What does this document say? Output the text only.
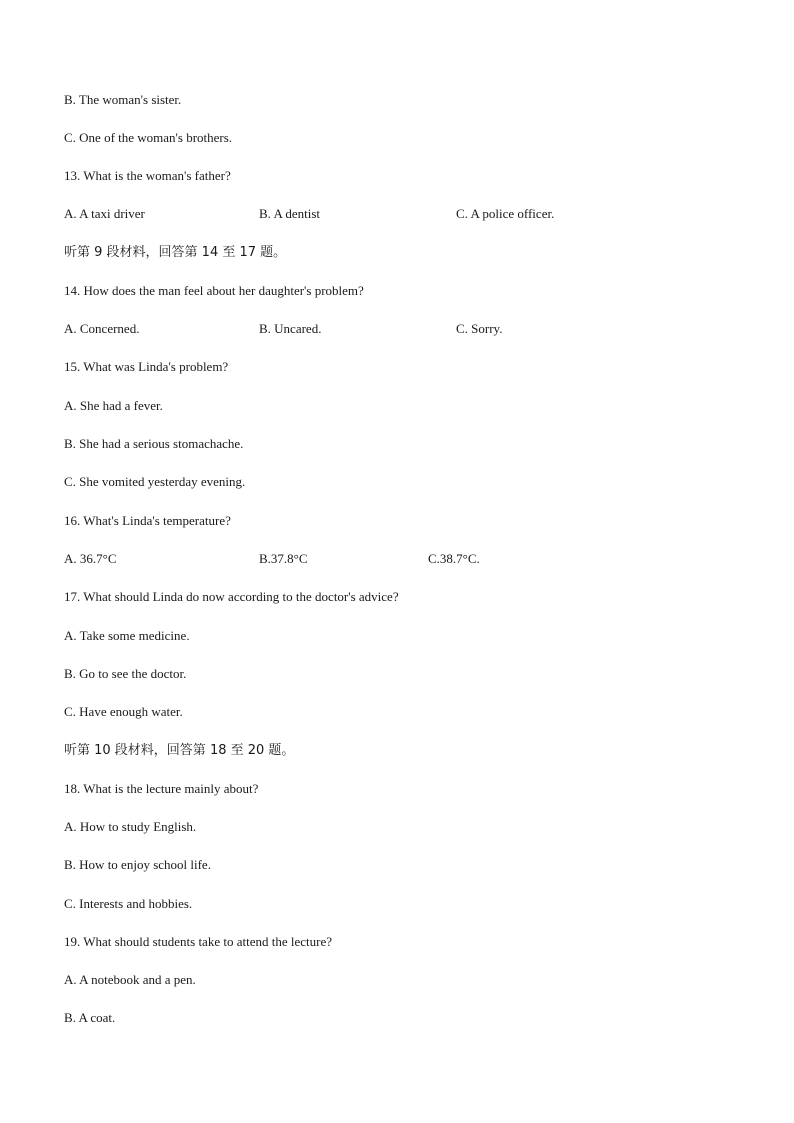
B. The woman's sister.
C. One of the woman's brothers.
13. What is the woman's father?
A. A taxi driver	B. A dentist	C. A police officer.
听第 9 段材料，回答第 14 至 17 题。
14. How does the man feel about her daughter's problem?
A. Concerned.	B. Uncared.	C. Sorry.
15. What was Linda's problem?
A. She had a fever.
B. She had a serious stomachache.
C. She vomited yesterday evening.
16. What's Linda's temperature?
A. 36.7°C	B.37.8°C	C.38.7°C.
17. What should Linda do now according to the doctor's advice?
A. Take some medicine.
B. Go to see the doctor.
C. Have enough water.
听第 10 段材料，回答第 18 至 20 题。
18. What is the lecture mainly about?
A. How to study English.
B. How to enjoy school life.
C. Interests and hobbies.
19. What should students take to attend the lecture?
A. A notebook and a pen.
B. A coat.
